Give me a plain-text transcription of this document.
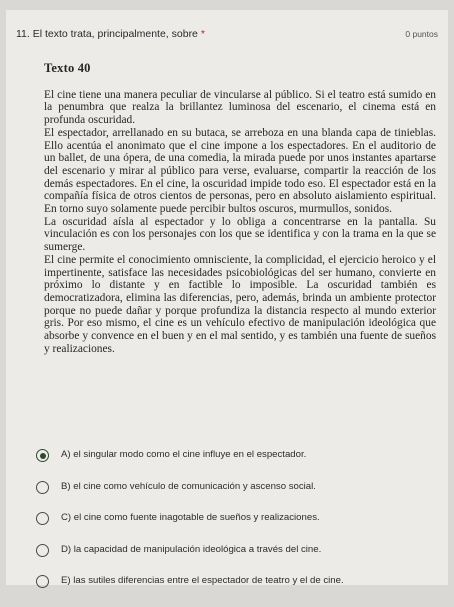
11. El texto trata, principalmente, sobre *	0 puntos
Texto 40

El cine tiene una manera peculiar de vincularse al público. Si el teatro está sumido en la penumbra que realza la brillantez luminosa del escenario, el cinema está en profunda oscuridad.

El espectador, arrellanado en su butaca, se arreboza en una blanda capa de tinieblas. Ello acentúa el anonimato que el cine impone a los espectadores. En el auditorio de un ballet, de una ópera, de una comedia, la mirada puede por unos instantes apartarse del escenario y mirar al público para verse, evaluarse, compartir la reacción de los demás espectadores. En el cine, la oscuridad impide todo eso. El espectador está en la compañía física de otros cientos de personas, pero en absoluto aislamiento espiritual. En torno suyo solamente puede percibir bultos oscuros, murmullos, sonidos.

La oscuridad aísla al espectador y lo obliga a concentrarse en la pantalla. Su vinculación es con los personajes con los que se identifica y con la trama en la que se sumerge.

El cine permite el conocimiento omnisciente, la complicidad, el ejercicio heroico y el impertinente, satisface las necesidades psicobiológicas del ser humano, convierte en próximo lo distante y en factible lo imposible. La oscuridad también es democratizadora, elimina las diferencias, pero, además, brinda un ambiente protector porque no puede dañar y porque profundiza la distancia respecto al mundo exterior gris. Por eso mismo, el cine es un vehículo efectivo de manipulación ideológica que absorbe y convence en el buen y en el mal sentido, y es también una fuente de sueños y realizaciones.

A) el singular modo como el cine influye en el espectador.
B) el cine como vehículo de comunicación y ascenso social.
C) el cine como fuente inagotable de sueños y realizaciones.
D) la capacidad de manipulación ideológica a través del cine.
E) las sutiles diferencias entre el espectador de teatro y el de cine.
